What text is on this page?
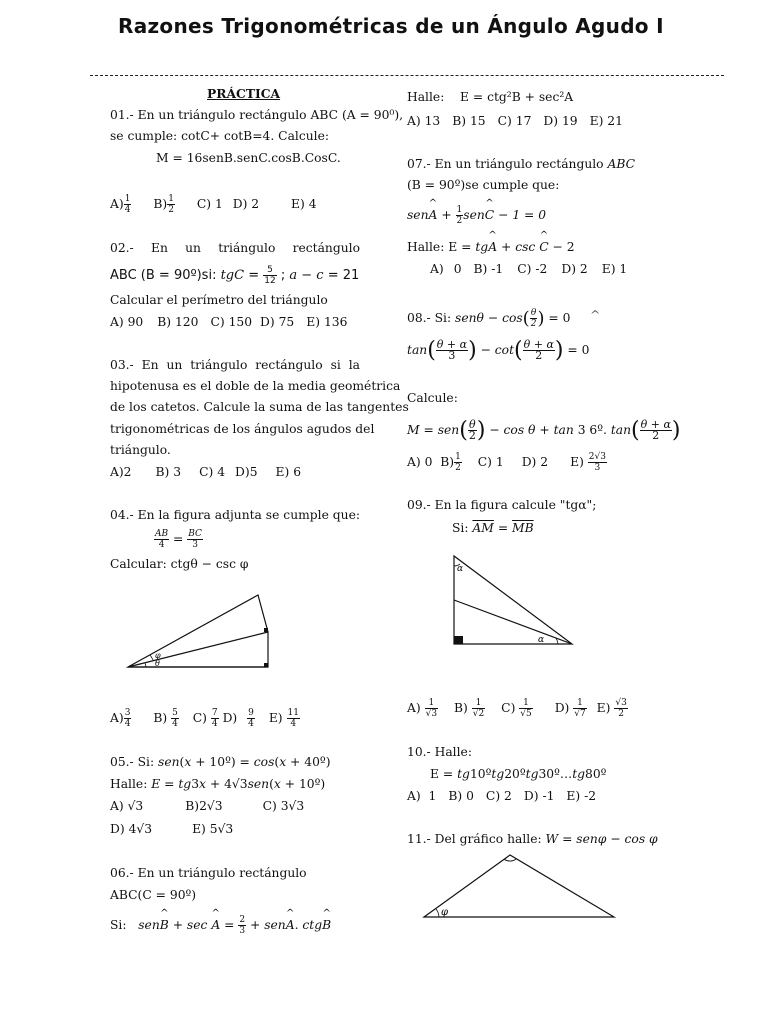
Razones Trigonométricas de un Ángulo Agudo I
PRÁCTICA
01.- En un triángulo rectángulo ABC (A = 90⁰),
se cumple: cotC+ cotB=4. Calcule:
M = 16senB.senC.cosB.CosC.
$A) \frac{1}{4} B) \frac{1}{2} C$) 1 D) 2	E) 4
02.- En un triángulo rectángulo
ABC (B = 90º)si: tgC = $\frac{5}{12}$ ; a − c = 21
Calcular el perímetro del triángulo
A) 90 B) 120 C) 150 D) 75 E) 136
03.- En un triángulo rectángulo si la
hipotenusa es el doble de la media geométrica
de los catetos. Calcule la suma de las tangentes
trigonométricas de los ángulos agudos del
triángulo.
A)2 B) 3 C) 4 D)5 E) 6
04.- En la figura adjunta se cumple que:
$\frac{AB}{4} = \frac{BC}{3}$
Calcular: ctgθ − csc φ
φ
θ
$A) \frac{3}{4} B) \frac{5}{4} C) \frac{7}{4} D) \frac{9}{4} E) \frac{11}{4}$
05.- Si: sen(x + 10º) = cos(x + 40º)
Halle: E = tg3x + 4√3sen(x + 10º)
A) √3	B)2√3	C) 3√3
D) 4√3	E) 5√3
06.- En un triángulo rectángulo
ABC(C = 90º)
Si: sen^ B + sec ^ $A = \frac{2}{3}$ + sen^ A. ctg^ B
Halle: E = ctg²B + sec²A
A) 13 B) 15 C) 17 D) 19 E) 21
07.- En un triángulo rectángulo ABC
(B = 90º)se cumple que:
sen^ $A + \frac{1}{2}$ sen^ C − 1 = 0
Halle: E = tg^ A + csc ^ C − 2
A) 0 B) -1 C) -2 D) 2 E) 1
08.- Si: $sen\theta - \cos( \frac{\theta}{2}$ ) = 0 ^
$\tan( \frac{\theta + \alpha}{3}$ ) − $\cot( \frac{\theta + \alpha}{2}$ ) = 0
Calcule:
$M = sen( \frac{\theta}{2}$ ) − cos θ + tan 3 6º. $\tan( \frac{\theta + \alpha}{2}$ )
A) 0 $B) \frac{1}{2} C$) 1 D) 2 $E) \frac{2√3}{3}$
09.- En la figura calcule "tgα";
Si: $\overline{AM} = \overline{MB}$
α
α
$A) \frac{1}{√3} B) \frac{1}{√2} C) \frac{1}{√5} D) \frac{1}{√7} E) \frac{√3}{2}$
10.- Halle:
E = tg10ºtg20ºtg30º…tg80º
A) 1 B) 0 C) 2 D) -1 E) -2
11.- Del gráfico halle: W = senφ − cos φ
φ
